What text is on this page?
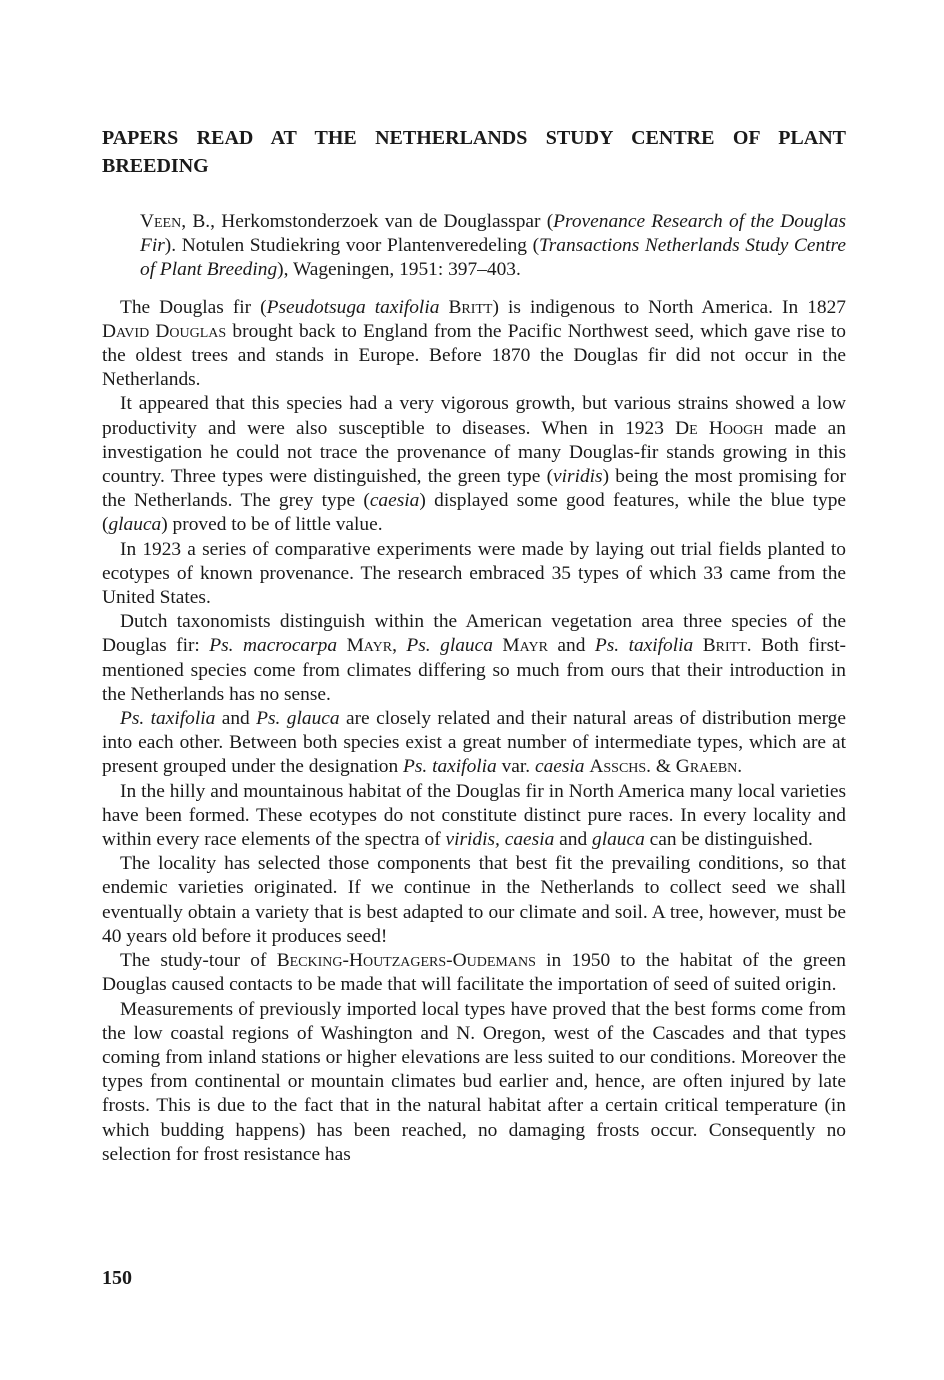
PAPERS READ AT THE NETHERLANDS STUDY CENTRE OF PLANT BREEDING
Veen, B., Herkomstonderzoek van de Douglasspar (Provenance Research of the Douglas Fir). Notulen Studiekring voor Plantenveredeling (Transactions Netherlands Study Centre of Plant Breeding), Wageningen, 1951: 397–403.

The Douglas fir (Pseudotsuga taxifolia Britt) is indigenous to North America. In 1827 David Douglas brought back to England from the Pacific Northwest seed, which gave rise to the oldest trees and stands in Europe. Before 1870 the Douglas fir did not occur in the Netherlands.

It appeared that this species had a very vigorous growth, but various strains showed a low productivity and were also susceptible to diseases. When in 1923 De Hoogh made an investigation he could not trace the provenance of many Douglas-fir stands growing in this country. Three types were distinguished, the green type (viridis) being the most promising for the Netherlands. The grey type (caesia) displayed some good features, while the blue type (glauca) proved to be of little value.

In 1923 a series of comparative experiments were made by laying out trial fields planted to ecotypes of known provenance. The research embraced 35 types of which 33 came from the United States.

Dutch taxonomists distinguish within the American vegetation area three species of the Douglas fir: Ps. macrocarpa Mayr, Ps. glauca Mayr and Ps. taxifolia Britt. Both first-mentioned species come from climates differing so much from ours that their introduction in the Netherlands has no sense.

Ps. taxifolia and Ps. glauca are closely related and their natural areas of distribution merge into each other. Between both species exist a great number of intermediate types, which are at present grouped under the designation Ps. taxifolia var. caesia Asschs. & Graebn.

In the hilly and mountainous habitat of the Douglas fir in North America many local varieties have been formed. These ecotypes do not constitute distinct pure races. In every locality and within every race elements of the spectra of viridis, caesia and glauca can be distinguished.

The locality has selected those components that best fit the prevailing conditions, so that endemic varieties originated. If we continue in the Netherlands to collect seed we shall eventually obtain a variety that is best adapted to our climate and soil. A tree, however, must be 40 years old before it produces seed!

The study-tour of Becking-Houtzagers-Oudemans in 1950 to the habitat of the green Douglas caused contacts to be made that will facilitate the importation of seed of suited origin.

Measurements of previously imported local types have proved that the best forms come from the low coastal regions of Washington and N. Oregon, west of the Cascades and that types coming from inland stations or higher elevations are less suited to our conditions. Moreover the types from continental or mountain climates bud earlier and, hence, are often injured by late frosts. This is due to the fact that in the natural habitat after a certain critical temperature (in which budding happens) has been reached, no damaging frosts occur. Consequently no selection for frost resistance has

150
